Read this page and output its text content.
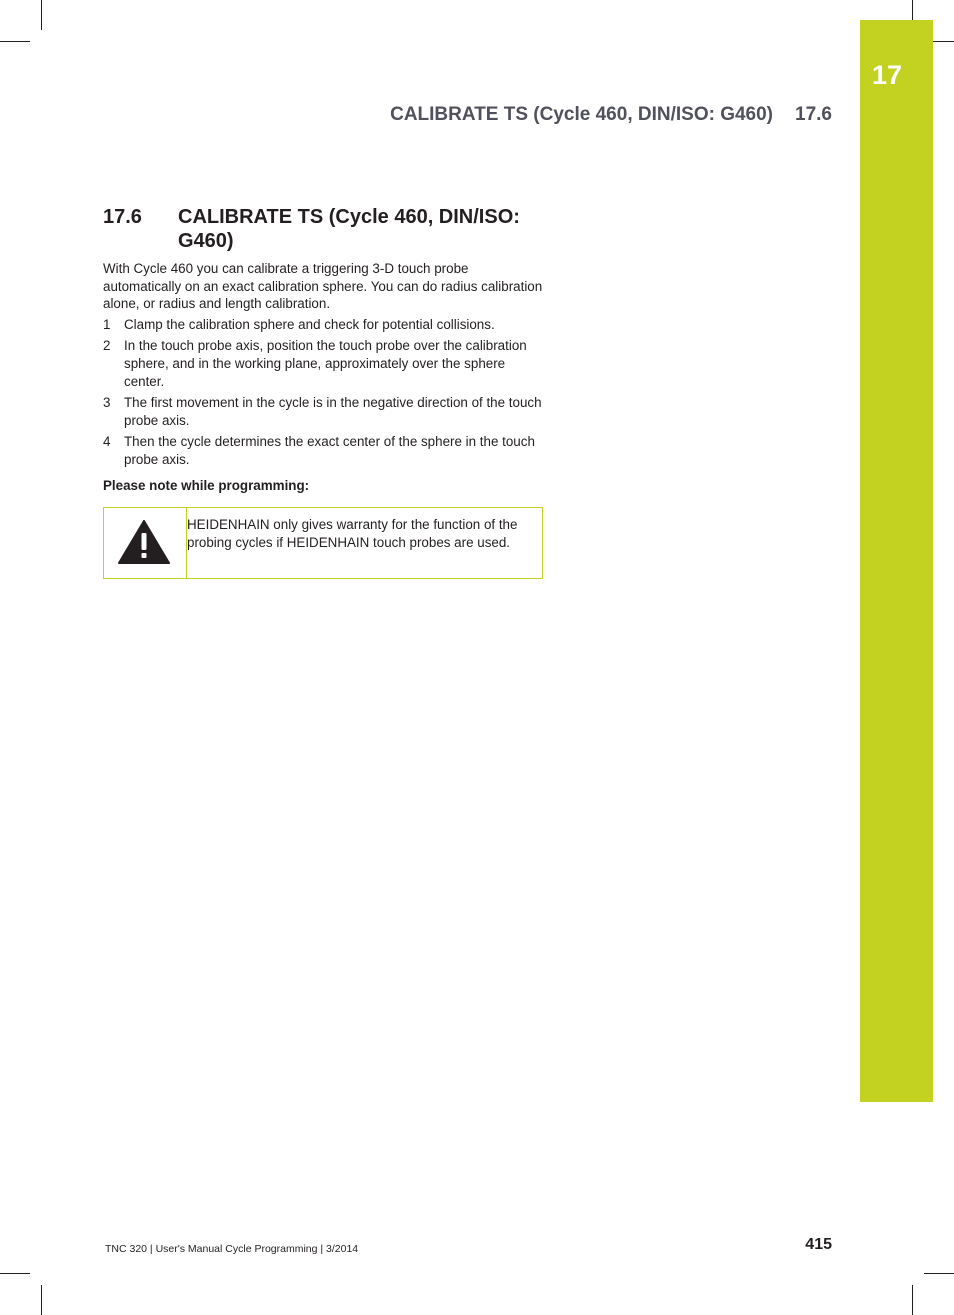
17
CALIBRATE TS (Cycle 460, DIN/ISO: G460) 17.6
17.6 CALIBRATE TS (Cycle 460, DIN/ISO: G460)
With Cycle 460 you can calibrate a triggering 3-D touch probe automatically on an exact calibration sphere. You can do radius calibration alone, or radius and length calibration.
1 Clamp the calibration sphere and check for potential collisions.
2 In the touch probe axis, position the touch probe over the calibration sphere, and in the working plane, approximately over the sphere center.
3 The first movement in the cycle is in the negative direction of the touch probe axis.
4 Then the cycle determines the exact center of the sphere in the touch probe axis.
Please note while programming:
HEIDENHAIN only gives warranty for the function of the probing cycles if HEIDENHAIN touch probes are used.
TNC 320 | User's Manual Cycle Programming | 3/2014	415
